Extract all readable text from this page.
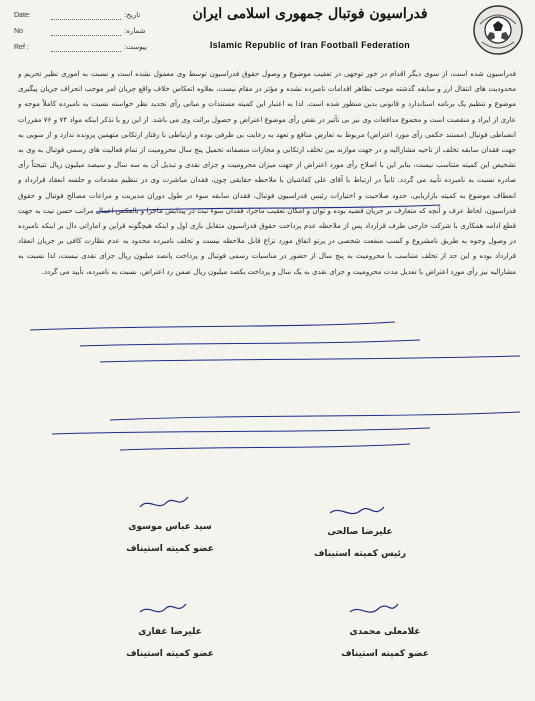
Date:	تاریخ:
No	شماره:
Ref :	پیوست:
فدراسیون فوتبال جمهوری اسلامی ایران
Islamic Republic of Iran Football Federation

فدراسیون شده است، از سوی دیگر اقدام در خور توجهی در تعقیب موضوع و وصول حقوق فدراسیون توسط وی معمول نشده است و نسبت به اموری نظیر تحریم و محدودیت های انتقال ارز و سابقه گذشته موجب تظاهر اقدامات نامبرده نشده و مؤثر در مقام نیست، بعلاوه انعکاس خلاف واقع جریان امر موجب انحراف جریان پیگیری موضوع و تنظیم یک برنامه استاندارد و قانونی بدین منظور شده است. لذا به اعتبار این کمیته مستندات و مبانی رأی تجدید نظر خواسته نسبت به نامبرده کاملاً موجه و عاری از ایراد و منقصت است و مجموع مدافعات وی نیز بی تأثیر در نقض رأی موضوع اعتراض و حصول برائت وی می باشد. از این رو با تذکر اینکه مواد ۷۴ و ۷۶ مقررات انضباطی فوتبال (مستند حکمی رأی مورد اعتراض) مربوط به تعارض منافع و تعهد به رعایت بی طرفی بوده و ارتباطی با رفتار ارتکابی متهمین پرونده ندارد و از سویی به جهت فقدان سابقه تخلف از ناحیه مشارالیه و در جهت موازنه بین تخلف ارتکابی و مجازات منصفانه تحمیل پنج سال محرومیت از تمام فعالیت های رسمی فوتبال به وی به تشخیص این کمیته متناسب نیست، بنابر این با اصلاح رأی مورد اعتراض از جهت میزان محرومیت و جزای نقدی و تبدیل آن به سه سال و سیصد میلیون ریال نتیجتاً رأی صادره نسبت به نامبرده تأیید می گردد. ثانیاً در ارتباط با آقای علی کفاشیان با ملاحظه حقایقی چون، فقدان مباشرت وی در تنظیم مقدمات و جلسه انعقاد قرارداد و انعطاف موضوع به کمیته بازاریابی، حدود صلاحیت و اختیارات رئیس فدراسیون فوتبال، فقدان سابقه سوء در طول دوران مدیریت و مراعات مصالح فوتبال و حقوق فدراسیون، لحاظ عرف و آنچه که متعارف بر جریان قضیه بوده و توان و امکان تعقیب ماجرا، فقدان سوء نیت در پیدایش ماجرا و بالعکس اعمال مراتب حسن نیت به جهت قطع ادامه همکاری با شرکت خارجی طرف قرارداد پس از ملاحظه عدم پرداخت حقوق فدراسیون متقابل بازی اول و اینکه هیچگونه قراین و اماراتی دال بر اینکه نامبرده در وصول وجوه به طریق نامشروع و کسب منفعت شخصی در پرتو اتفاق مورد نزاع قابل ملاحظه نیست و تخلف نامبرده محدود به عدم نظارت کافی بر جریان انعقاد قرارداد بوده و این حد از تخلف متناسب با محرومیت به پنج سال از حضور در مناسبات رسمی فوتبال و پرداخت پانصد میلیون ریال جزای نقدی نیست، لذا نسبت به مشارالیه نیز رأی مورد اعتراض با تعدیل مدت محرومیت و جزای نقدی به یک سال و پرداخت یکصد میلیون ریال ضمن رد اعتراض، نسبت به نامبرده، تأیید می گردد.

علیرضا صالحی
رئیس کمیته استیناف
سید عباس موسوی
عضو کمیته استیناف
غلامعلی محمدی
عضو کمیته استیناف
علیرضا غفاری
عضو کمیته استیناف
